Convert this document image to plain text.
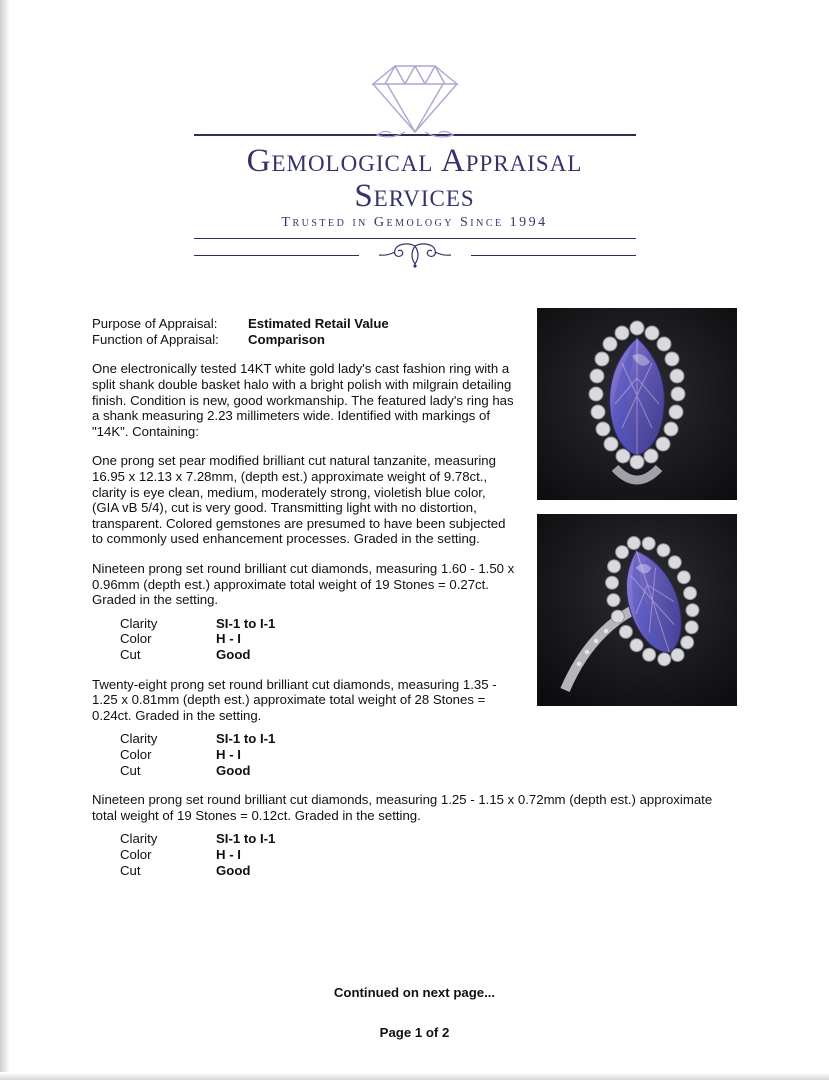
Gemological Appraisal Services
Trusted in Gemology Since 1994
Purpose of Appraisal:	Estimated Retail Value
Function of Appraisal:	Comparison

One electronically tested 14KT white gold lady's cast fashion ring with a split shank double basket halo with a bright polish with milgrain detailing finish. Condition is new, good workmanship. The featured lady's ring has a shank measuring 2.23 millimeters wide. Identified with markings of "14K". Containing:

One prong set pear modified brilliant cut natural tanzanite, measuring 16.95 x 12.13 x 7.28mm, (depth est.) approximate weight of 9.78ct., clarity is eye clean, medium, moderately strong, violetish blue color, (GIA vB 5/4), cut is very good. Transmitting light with no distortion, transparent. Colored gemstones are presumed to have been subjected to commonly used enhancement processes. Graded in the setting.

Nineteen prong set round brilliant cut diamonds, measuring 1.60 - 1.50 x 0.96mm (depth est.) approximate total weight of 19 Stones = 0.27ct. Graded in the setting.

Clarity	SI-1 to I-1
Color	H - I
Cut	Good

Twenty-eight prong set round brilliant cut diamonds, measuring 1.35 - 1.25 x 0.81mm (depth est.) approximate total weight of 28 Stones = 0.24ct. Graded in the setting.

Clarity	SI-1 to I-1
Color	H - I
Cut	Good

Nineteen prong set round brilliant cut diamonds, measuring 1.25 - 1.15 x 0.72mm (depth est.) approximate total weight of 19 Stones = 0.12ct. Graded in the setting.

Clarity	SI-1 to I-1
Color	H - I
Cut	Good
Continued on next page...
Page 1 of 2
